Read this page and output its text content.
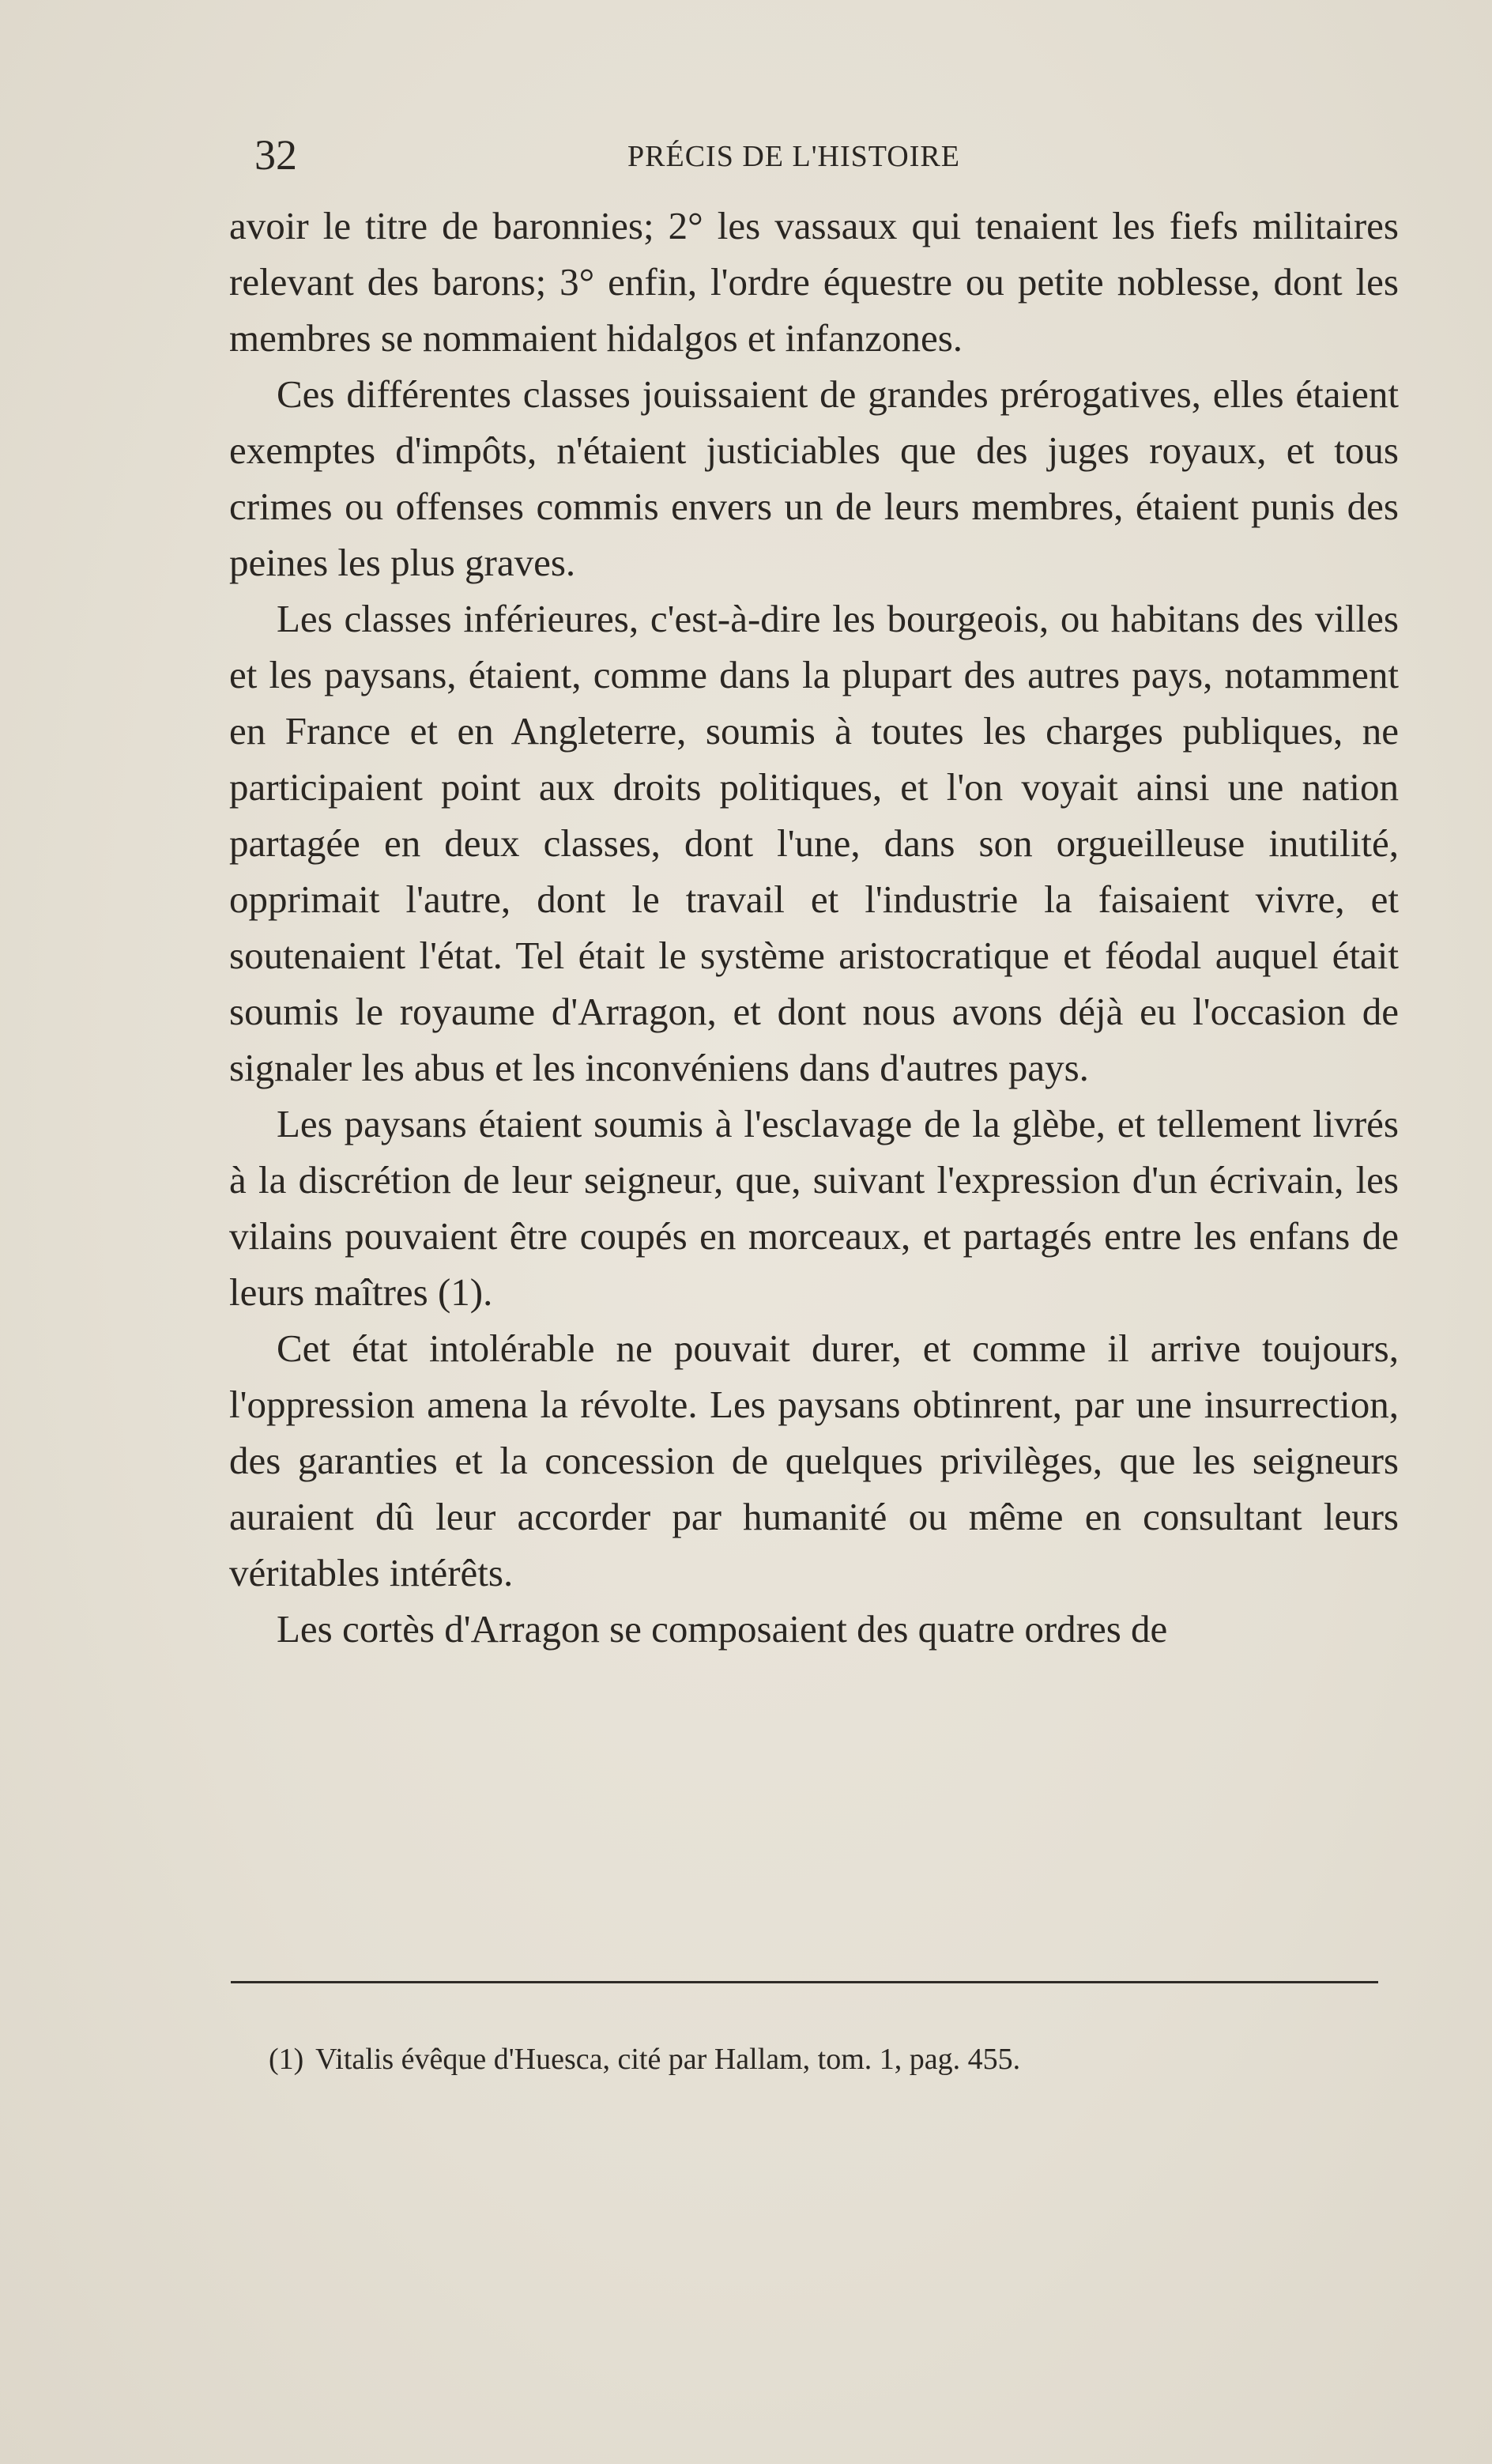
32	PRÉCIS DE L'HISTOIRE

avoir le titre de baronnies; 2° les vassaux qui tenaient les fiefs militaires relevant des barons; 3° enfin, l'ordre équestre ou petite noblesse, dont les membres se nommaient hidalgos et infanzones.

Ces différentes classes jouissaient de grandes prérogatives, elles étaient exemptes d'impôts, n'étaient justiciables que des juges royaux, et tous crimes ou offenses commis envers un de leurs membres, étaient punis des peines les plus graves.

Les classes inférieures, c'est-à-dire les bourgeois, ou habitans des villes et les paysans, étaient, comme dans la plupart des autres pays, notamment en France et en Angleterre, soumis à toutes les charges publiques, ne participaient point aux droits politiques, et l'on voyait ainsi une nation partagée en deux classes, dont l'une, dans son orgueilleuse inutilité, opprimait l'autre, dont le travail et l'industrie la faisaient vivre, et soutenaient l'état. Tel était le système aristocratique et féodal auquel était soumis le royaume d'Arragon, et dont nous avons déjà eu l'occasion de signaler les abus et les inconvéniens dans d'autres pays.

Les paysans étaient soumis à l'esclavage de la glèbe, et tellement livrés à la discrétion de leur seigneur, que, suivant l'expression d'un écrivain, les vilains pouvaient être coupés en morceaux, et partagés entre les enfans de leurs maîtres (1).

Cet état intolérable ne pouvait durer, et comme il arrive toujours, l'oppression amena la révolte. Les paysans obtinrent, par une insurrection, des garanties et la concession de quelques privilèges, que les seigneurs auraient dû leur accorder par humanité ou même en consultant leurs véritables intérêts.

Les cortès d'Arragon se composaient des quatre ordres de

(1) Vitalis évêque d'Huesca, cité par Hallam, tom. 1, pag. 455.
